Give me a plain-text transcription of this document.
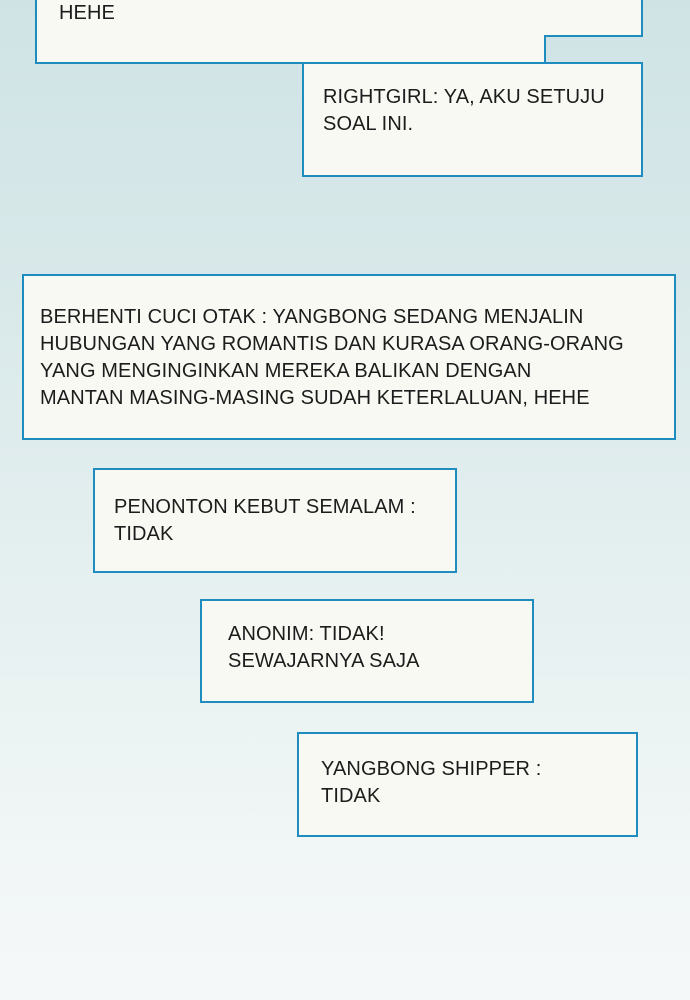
HEHE
RIGHTGIRL: YA, AKU SETUJU
SOAL INI.
BERHENTI CUCI OTAK : YANGBONG SEDANG MENJALIN
HUBUNGAN YANG ROMANTIS DAN KURASA ORANG-ORANG
YANG MENGINGINKAN MEREKA BALIKAN DENGAN
MANTAN MASING-MASING SUDAH KETERLALUAN, HEHE
PENONTON KEBUT SEMALAM :
TIDAK
ANONIM: TIDAK!
SEWAJARNYA SAJA
YANGBONG SHIPPER :
TIDAK
